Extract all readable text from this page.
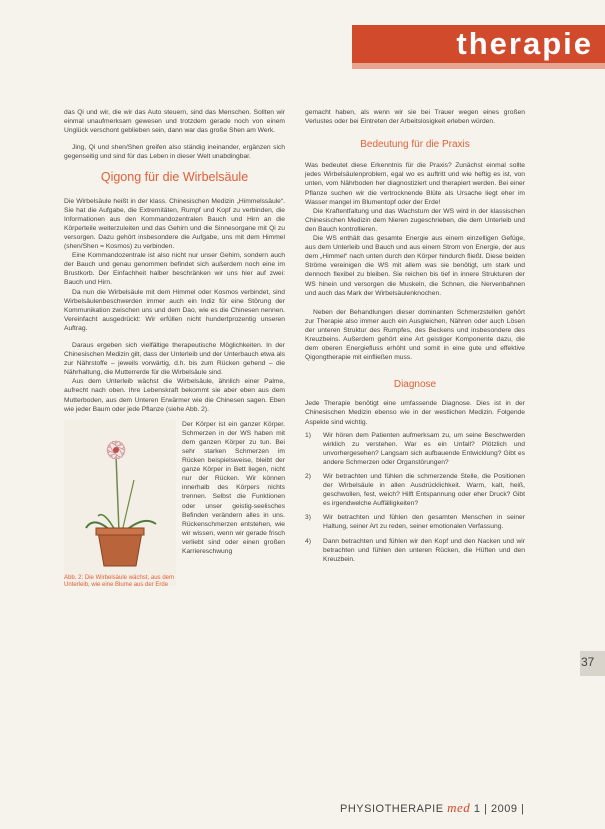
therapie

das Qi und wir, die wir das Auto steuern, sind das Menschen. Sollten wir einmal unaufmerksam gewesen und trotzdem gerade noch von einem Unglück verschont geblieben sein, dann war das große Shen am Werk.

Jing, Qi und shen/Shen greifen also ständig ineinander, ergänzen sich gegenseitig und sind für das Leben in dieser Welt unabdingbar.

Qigong für die Wirbelsäule

Die Wirbelsäule heißt in der klass. Chinesischen Medizin „Himmelssäule“. Sie hat die Aufgabe, die Extremitäten, Rumpf und Kopf zu verbinden, die Informationen aus den Kommandozentralen Bauch und Hirn an die Körperteile weiterzuleiten und das Gehirn und die Sinnesorgane mit Qi zu versorgen. Dazu gehört insbesondere die Aufgabe, uns mit dem Himmel (shen/Shen = Kosmos) zu verbinden.

Eine Kommandozentrale ist also nicht nur unser Gehirn, sondern auch der Bauch und genau genommen befindet sich außerdem noch eine im Brustkorb. Der Einfachheit halber beschränken wir uns hier auf zwei: Bauch und Hirn.

Da nun die Wirbelsäule mit dem Himmel oder Kosmos verbindet, sind Wirbelsäulenbeschwerden immer auch ein Indiz für eine Störung der Kommunikation zwischen uns und dem Dao, wie es die Chinesen nennen. Vereinfacht ausgedrückt: Wir erfüllen nicht hundertprozentig unseren Auftrag.

Daraus ergeben sich vielfältige therapeutische Möglichkeiten. In der Chinesischen Medizin gilt, dass der Unterleib und der Unterbauch etwa als zur Nährstoffe – jeweils vorwärtig, d.h. bis zum Rücken gehend – die Nährhaltung, die Mutterrerde für die Wirbelsäule sind.

Aus dem Unterleib wächst die Wirbelsäule, ähnlich einer Palme, aufrecht nach oben. Ihre Lebenskraft bekommt sie aber eben aus dem Mutterboden, aus dem Unteren Erwärmer wie die Chinesen sagen. Eben wie jeder Baum oder jede Pflanze (siehe Abb. 2).

Abb. 2: Die Wirbelsäule wächst, aus dem Unterleib, wie eine Blume aus der Erde
Der Körper ist ein ganzer Körper. Schmerzen in der WS haben mit dem ganzen Körper zu tun. Bei sehr starken Schmerzen im Rücken beispielsweise, bleibt der ganze Körper in Bett liegen, nicht nur der Rücken. Wir können innerhalb des Körpers nichts trennen. Selbst die Funktionen oder unser geistig-seelisches Befinden verändern alles in uns. Rückenschmerzen entstehen, wie wir wissen, wenn wir gerade frisch verliebt sind oder einen großen Karriereschwung

gemacht haben, als wenn wir sie bei Trauer wegen eines großen Verlustes oder bei Eintreten der Arbeitslosigkeit erleben würden.

Bedeutung für die Praxis

Was bedeutet diese Erkenntnis für die Praxis? Zunächst einmal sollte jedes Wirbelsäulenproblem, egal wo es auftritt und wie heftig es ist, von unten, vom Nährboden her diagnostiziert und therapiert werden. Bei einer Pflanze suchen wir die vertrocknende Blüte als Ursache liegt eher im Wasser mangel im Blumentopf oder der Erde!

Die Kraftentfaltung und das Wachstum der WS wird in der klassischen Chinesischen Medizin dem Nieren zugeschrieben, die dem Unterleib und den Bauch kontrollieren.

Die WS enthält das gesamte Energie aus einem einzelligen Gefüge, aus dem Unterleib und Bauch und aus einem Strom von Energie, der aus dem „Himmel“ nach unten durch den Körper hindurch fließt. Diese beiden Ströme vereinigen die WS mit allem was sie benötigt, um stark und dennoch flexibel zu bleiben. Sie reichen bis tief in innere Strukturen der WS hinein und versorgen die Muskeln, die Schnen, die Nervenbahnen und auch das Mark der Wirbelsäulenknochen.

Neben der Behandlungen dieser dominanten Schmerzstellen gehört zur Therapie also immer auch ein Ausgleichen, Nähren oder auch Lösen der unteren Struktur des Rumpfes, des Beckens und insbesondere des Kreuzbeins. Außerdem gehört eine Art geistiger Komponente dazu, die dem oberen Energiefluss erhöht und somit in eine gute und effektive Qigongtherapie mit einfließen muss.

Diagnose

Jede Therapie benötigt eine umfassende Diagnose. Dies ist in der Chinesischen Medizin ebenso wie in der westlichen Medizin. Folgende Aspekte sind wichtig.

1) Wir hören dem Patienten aufmerksam zu, um seine Beschwerden wirklich zu verstehen. War es ein Unfall? Plötzlich und unvorhergesehen? Langsam sich aufbauende Entwicklung? Gibt es andere Schmerzen oder Organstörungen?
2) Wir betrachten und fühlen die schmerzende Stelle, die Positionen der Wirbelsäule in allen Ausdrücklichkeit. Warm, kalt, heiß, geschwollen, fest, weich? Hilft Entspannung oder eher Druck? Gibt es irgendwelche Auffälligkeiten?
3) Wir betrachten und fühlen den gesamten Menschen in seiner Haltung, seiner Art zu reden, seiner emotionalen Verfassung.
4) Dann betrachten und fühlen wir den Kopf und den Nacken und wir betrachten und fühlen den unteren Rücken, die Hüften und den Kreuzbein.
37
PHYSIOTHERAPIE med 1 | 2009 |
